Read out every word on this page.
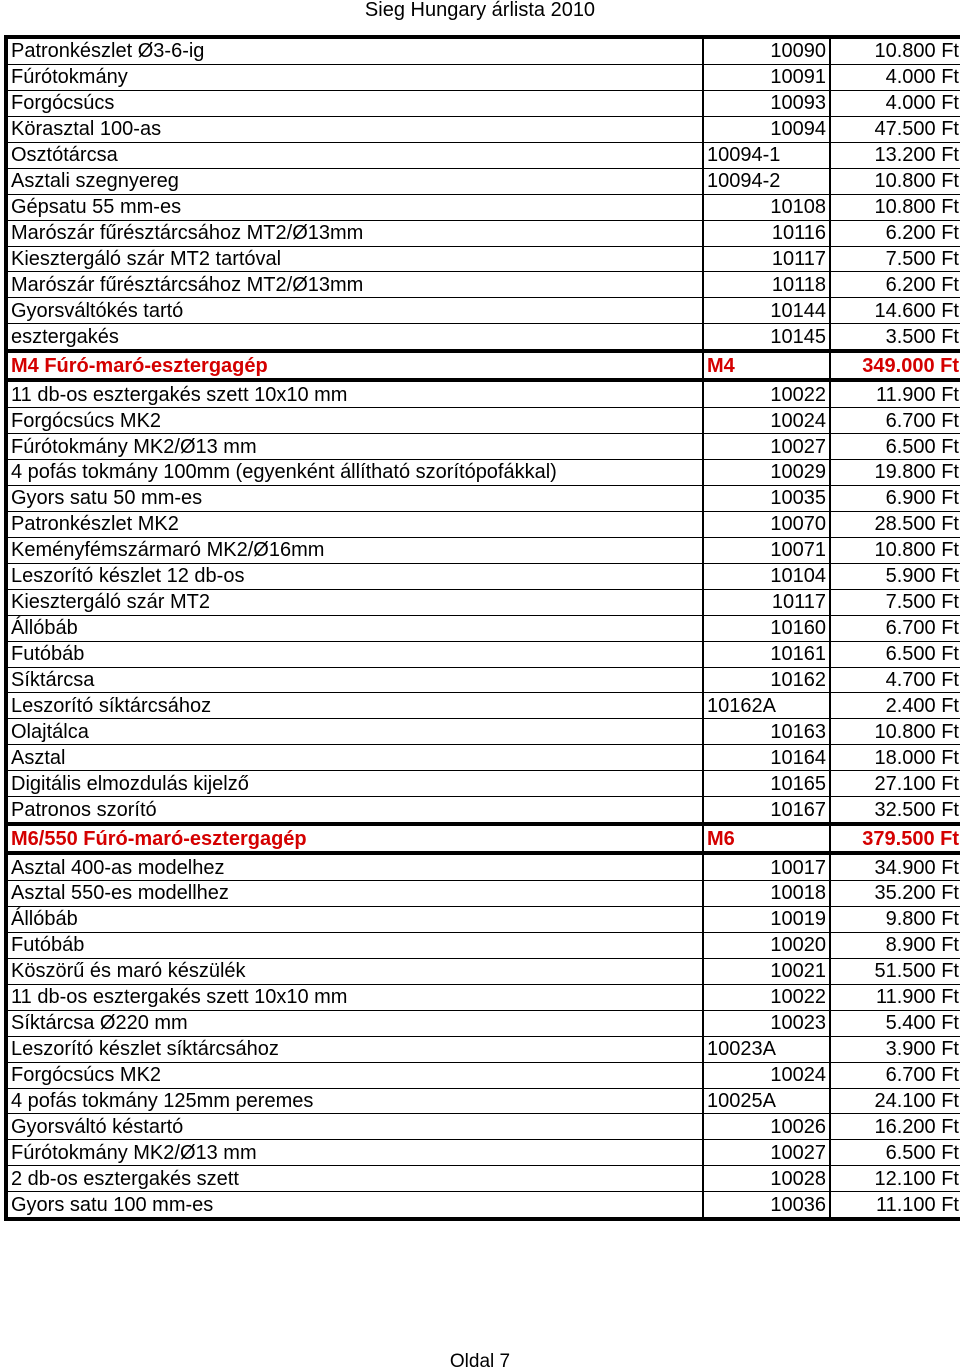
Sieg Hungary árlista 2010
Patronkészlet Ø3-6-ig	10090	10.800 Ft
Fúrótokmány	10091	4.000 Ft
Forgócsúcs	10093	4.000 Ft
Körasztal 100-as	10094	47.500 Ft
Osztótárcsa	10094-1	13.200 Ft
Asztali szegnyereg	10094-2	10.800 Ft
Gépsatu 55 mm-es	10108	10.800 Ft
Marószár fűrésztárcsához MT2/Ø13mm	10116	6.200 Ft
Kiesztergáló szár MT2 tartóval	10117	7.500 Ft
Marószár fűrésztárcsához MT2/Ø13mm	10118	6.200 Ft
Gyorsváltókés tartó	10144	14.600 Ft
esztergakés	10145	3.500 Ft
M4 Fúró-maró-esztergagép	M4	349.000 Ft
11 db-os esztergakés szett 10x10 mm	10022	11.900 Ft
Forgócsúcs MK2	10024	6.700 Ft
Fúrótokmány MK2/Ø13 mm	10027	6.500 Ft
4 pofás tokmány 100mm (egyenként állítható szorítópofákkal)	10029	19.800 Ft
Gyors satu 50 mm-es	10035	6.900 Ft
Patronkészlet MK2	10070	28.500 Ft
Keményfémszármaró MK2/Ø16mm	10071	10.800 Ft
Leszorító készlet 12 db-os	10104	5.900 Ft
Kiesztergáló szár MT2	10117	7.500 Ft
Állóbáb	10160	6.700 Ft
Futóbáb	10161	6.500 Ft
Síktárcsa	10162	4.700 Ft
Leszorító síktárcsához	10162A	2.400 Ft
Olajtálca	10163	10.800 Ft
Asztal	10164	18.000 Ft
Digitális elmozdulás kijelző	10165	27.100 Ft
Patronos szorító	10167	32.500 Ft
M6/550 Fúró-maró-esztergagép	M6	379.500 Ft
Asztal 400-as modelhez	10017	34.900 Ft
Asztal 550-es modellhez	10018	35.200 Ft
Állóbáb	10019	9.800 Ft
Futóbáb	10020	8.900 Ft
Köszörű és maró készülék	10021	51.500 Ft
11 db-os esztergakés szett 10x10 mm	10022	11.900 Ft
Síktárcsa Ø220 mm	10023	5.400 Ft
Leszorító készlet síktárcsához	10023A	3.900 Ft
Forgócsúcs MK2	10024	6.700 Ft
4 pofás tokmány 125mm peremes	10025A	24.100 Ft
Gyorsváltó késtartó	10026	16.200 Ft
Fúrótokmány MK2/Ø13 mm	10027	6.500 Ft
2 db-os esztergakés szett	10028	12.100 Ft
Gyors satu 100 mm-es	10036	11.100 Ft
Oldal 7
